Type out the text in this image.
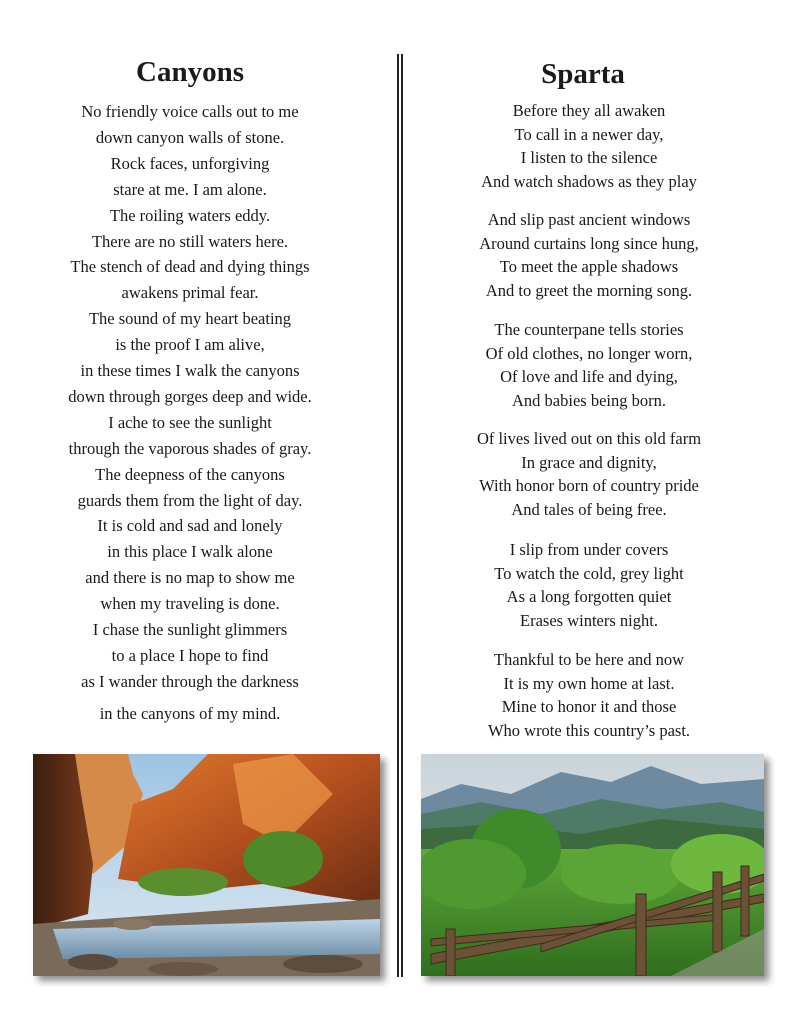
Canyons
No friendly voice calls out to me
down canyon walls of stone.
Rock faces, unforgiving
stare at me. I am alone.
The roiling waters eddy.
There are no still waters here.
The stench of dead and dying things
awakens primal fear.
The sound of my heart beating
is the proof I am alive,
in these times I walk the canyons
down through gorges deep and wide.
I ache to see the sunlight
through the vaporous shades of gray.
The deepness of the canyons
guards them from the light of day.
It is cold and sad and lonely
in this place I walk alone
and there is no map to show me
when my traveling is done.
I chase the sunlight glimmers
to a place I hope to find
as I wander through the darkness
in the canyons of my mind.
Sparta
Before they all awaken
To call in a newer day,
I listen to the silence
And watch shadows as they play
And slip past ancient windows
Around curtains long since hung,
To meet the apple shadows
And to greet the morning song.
The counterpane tells stories
Of old clothes, no longer worn,
Of love and life and dying,
And babies being born.
Of lives lived out on this old farm
In grace and dignity,
With honor born of country pride
And tales of being free.
I slip from under covers
To watch the cold, grey light
As a long forgotten quiet
Erases winters night.
Thankful to be here and now
It is my own home at last.
Mine to honor it and those
Who wrote this country’s past.
